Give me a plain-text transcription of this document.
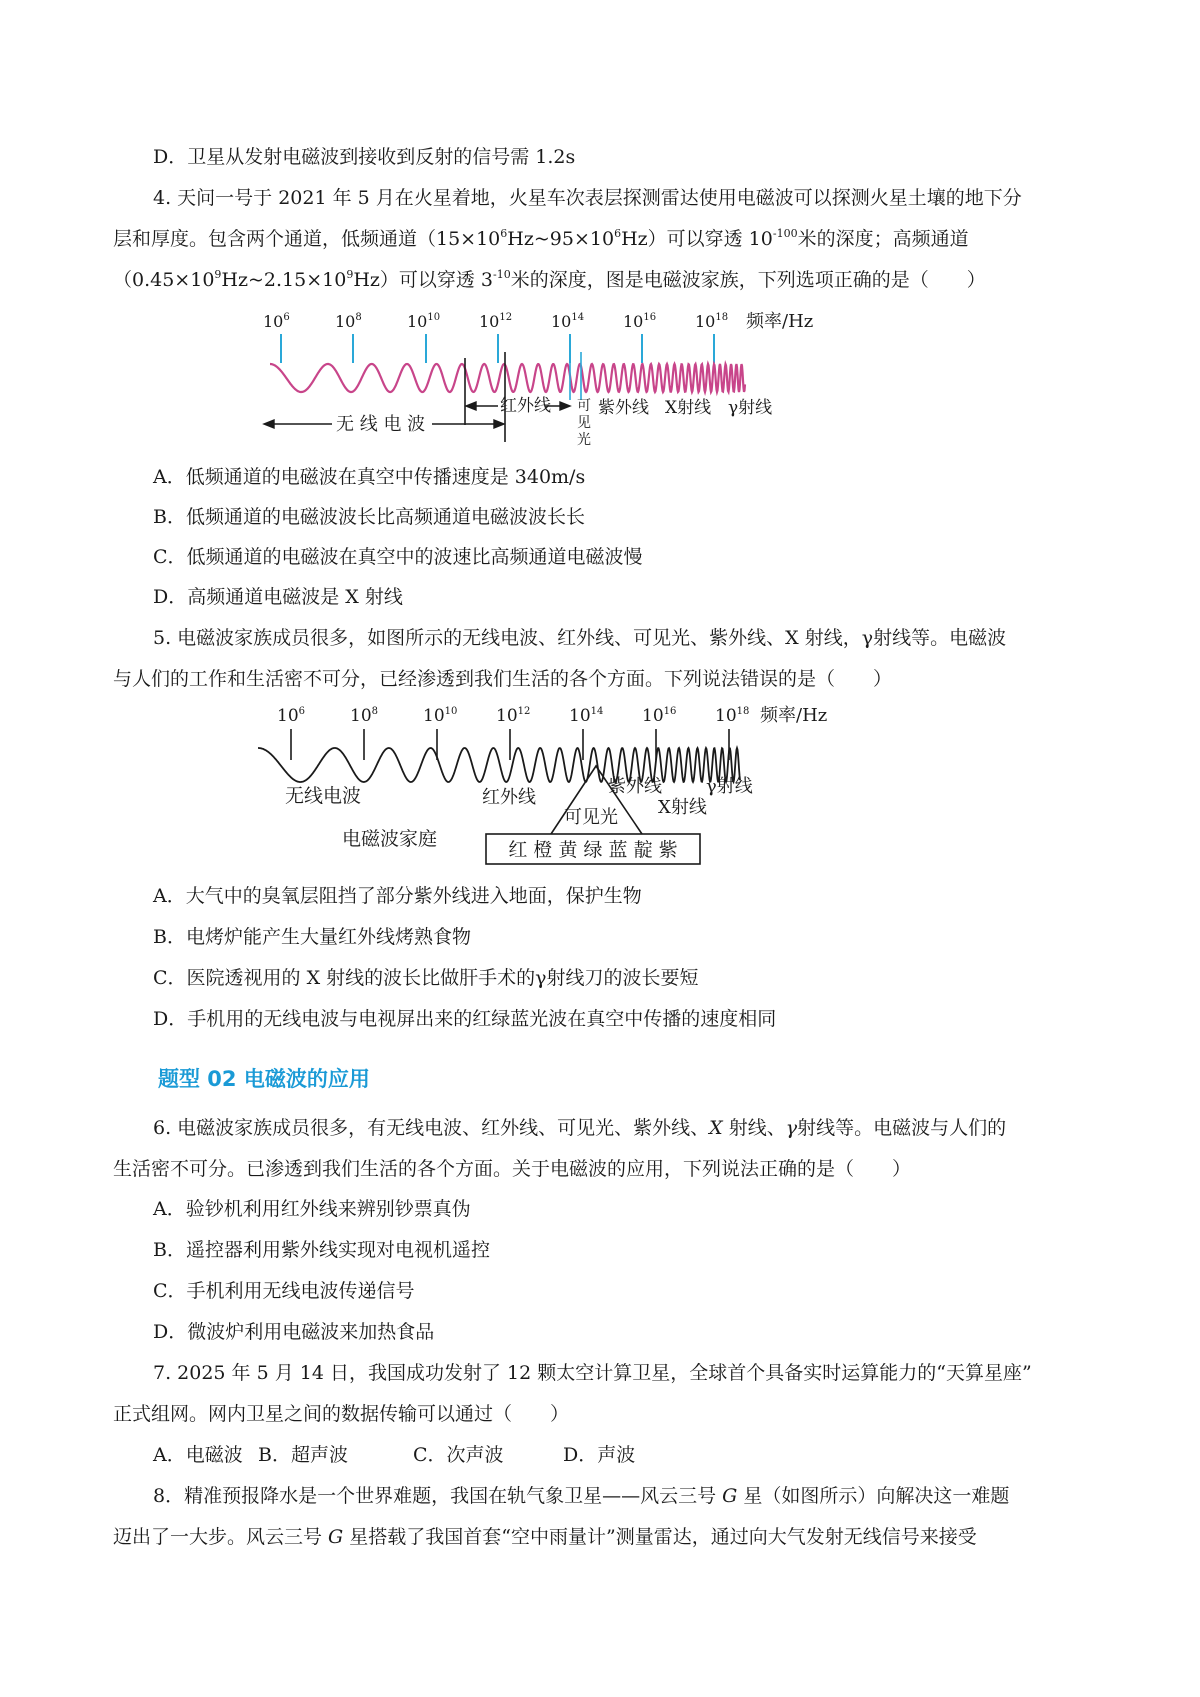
D．卫星从发射电磁波到接收到反射的信号需 1.2s
4. 天问一号于 2021 年 5 月在火星着地，火星车次表层探测雷达使用电磁波可以探测火星土壤的地下分
层和厚度。包含两个通道，低频通道$(15\times 10^6Hz\sim 95\times 10^6Hz)$可以穿透 $10^{-100}$米的深度；高频通道
$(0.45\times 10^9Hz\sim 2.15\times 10^9Hz)$可以穿透 $3^{-10}$米的深度，图是电磁波家族，下列选项正确的是（　　）
$10^6$	$10^8$	$10^{10}$ $10^{12}$ $10^{14}$ $10^{16}$ $10^{18}$ 频率/Hz
无 线 电 波
红外线 可
见
光
紫外线 X射线 γ射线
A．低频通道的电磁波在真空中传播速度是 340m/s
B．低频通道的电磁波波长比高频通道电磁波波长长
C．低频通道的电磁波在真空中的波速比高频通道电磁波慢
D．高频通道电磁波是 X 射线
5. 电磁波家族成员很多，如图所示的无线电波、红外线、可见光、紫外线、X 射线，γ射线等。电磁波
与人们的工作和生活密不可分，已经渗透到我们生活的各个方面。下列说法错误的是（　　）
$10^6$	$10^8$	$10^{10}$ $10^{12}$ $10^{14}$ $10^{16}$ $10^{18}$ 频率/Hz
无线电波	红外线
紫外线 γ射线
X射线
可见光
电磁波家庭	红 橙 黄 绿 蓝 靛 紫
A．大气中的臭氧层阻挡了部分紫外线进入地面，保护生物
B．电烤炉能产生大量红外线烤熟食物
C．医院透视用的 X 射线的波长比做肝手术的γ射线刀的波长要短
D．手机用的无线电波与电视屏出来的红绿蓝光波在真空中传播的速度相同
题型 02 电磁波的应用
6. 电磁波家族成员很多，有无线电波、红外线、可见光、紫外线、X 射线、γ射线等。电磁波与人们的
生活密不可分。已渗透到我们生活的各个方面。关于电磁波的应用，下列说法正确的是（　　）
A．验钞机利用红外线来辨别钞票真伪
B．遥控器利用紫外线实现对电视机遥控
C．手机利用无线电波传递信号
D．微波炉利用电磁波来加热食品
7. 2025 年 5 月 14 日，我国成功发射了 12 颗太空计算卫星，全球首个具备实时运算能力的“天算星座”
正式组网。网内卫星之间的数据传输可以通过（　　）
A．电磁波 B．超声波	C．次声波	D．声波
8．精准预报降水是一个世界难题，我国在轨气象卫星——风云三号 G 星（如图所示）向解决这一难题
迈出了一大步。风云三号 G 星搭载了我国首套“空中雨量计”测量雷达，通过向大气发射无线信号来接受
